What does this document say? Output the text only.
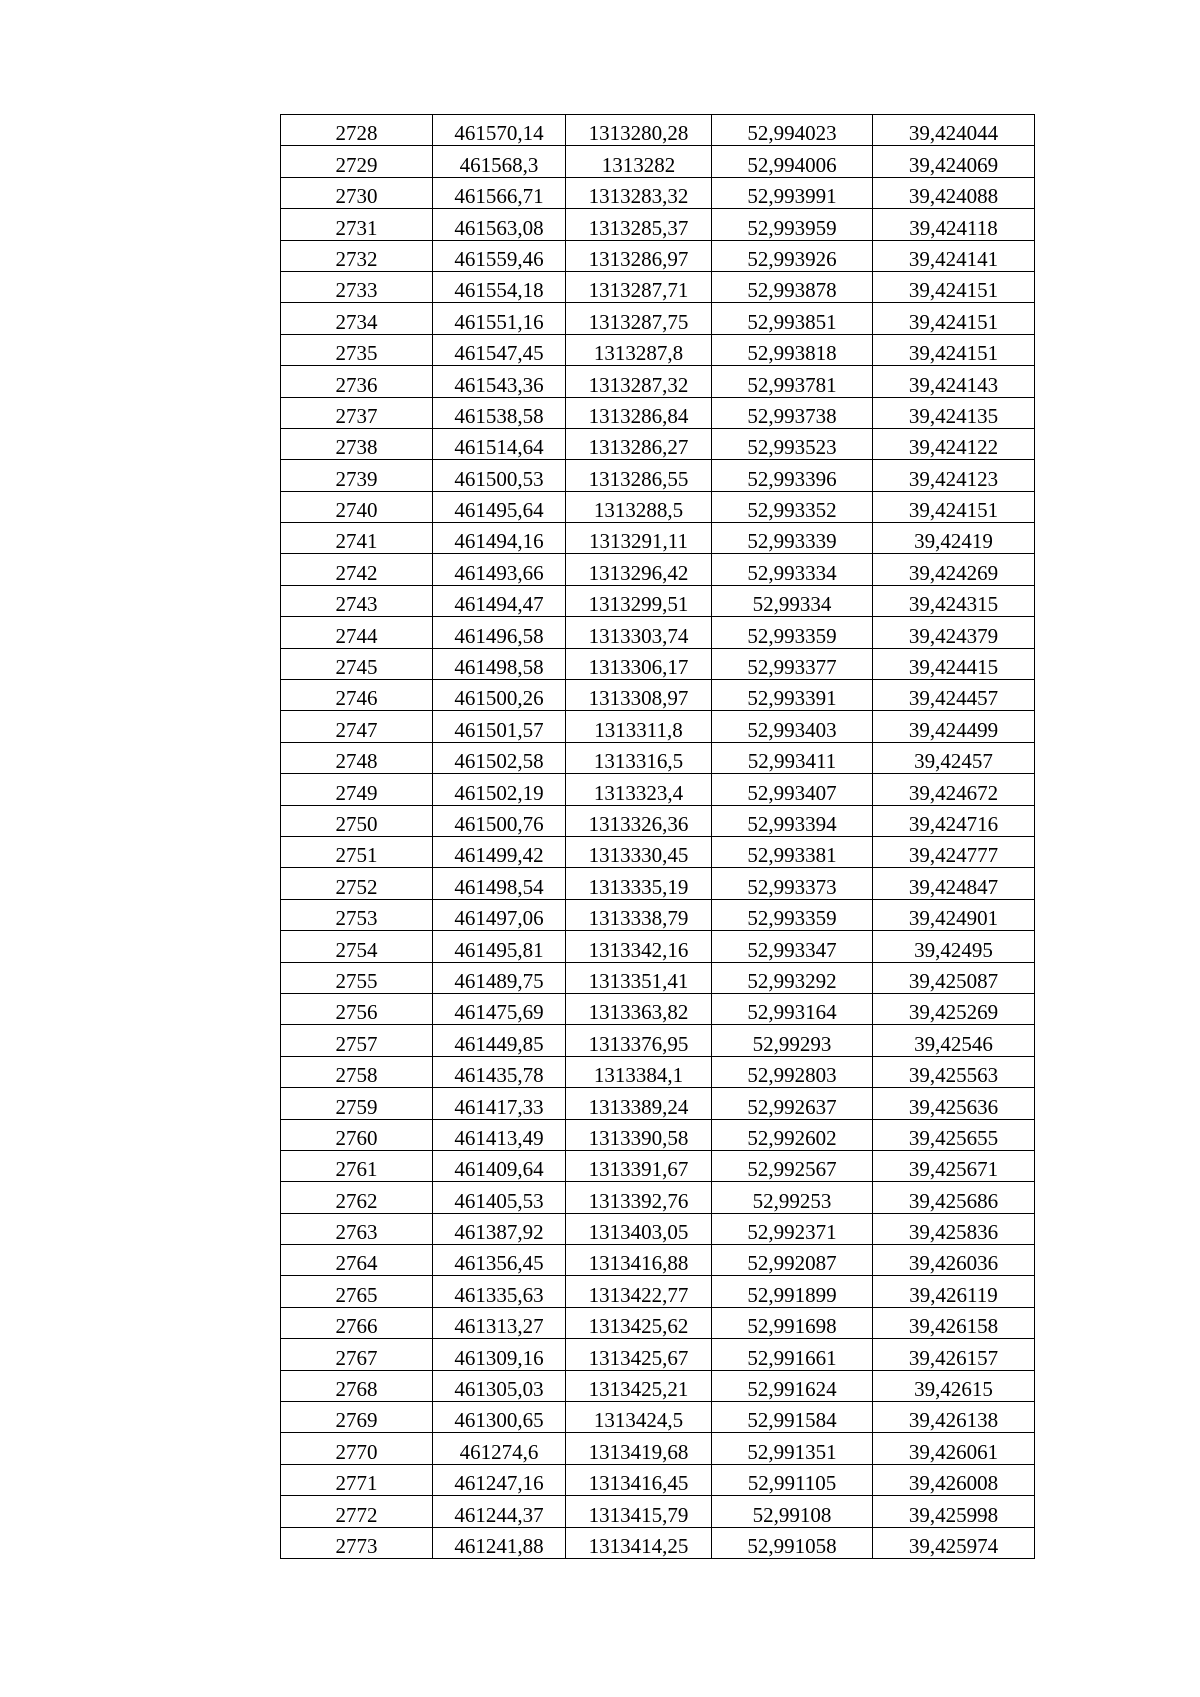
2728	461570,14	1313280,28	52,994023	39,424044
2729	461568,3	1313282	52,994006	39,424069
2730	461566,71	1313283,32	52,993991	39,424088
2731	461563,08	1313285,37	52,993959	39,424118
2732	461559,46	1313286,97	52,993926	39,424141
2733	461554,18	1313287,71	52,993878	39,424151
2734	461551,16	1313287,75	52,993851	39,424151
2735	461547,45	1313287,8	52,993818	39,424151
2736	461543,36	1313287,32	52,993781	39,424143
2737	461538,58	1313286,84	52,993738	39,424135
2738	461514,64	1313286,27	52,993523	39,424122
2739	461500,53	1313286,55	52,993396	39,424123
2740	461495,64	1313288,5	52,993352	39,424151
2741	461494,16	1313291,11	52,993339	39,42419
2742	461493,66	1313296,42	52,993334	39,424269
2743	461494,47	1313299,51	52,99334	39,424315
2744	461496,58	1313303,74	52,993359	39,424379
2745	461498,58	1313306,17	52,993377	39,424415
2746	461500,26	1313308,97	52,993391	39,424457
2747	461501,57	1313311,8	52,993403	39,424499
2748	461502,58	1313316,5	52,993411	39,42457
2749	461502,19	1313323,4	52,993407	39,424672
2750	461500,76	1313326,36	52,993394	39,424716
2751	461499,42	1313330,45	52,993381	39,424777
2752	461498,54	1313335,19	52,993373	39,424847
2753	461497,06	1313338,79	52,993359	39,424901
2754	461495,81	1313342,16	52,993347	39,42495
2755	461489,75	1313351,41	52,993292	39,425087
2756	461475,69	1313363,82	52,993164	39,425269
2757	461449,85	1313376,95	52,99293	39,42546
2758	461435,78	1313384,1	52,992803	39,425563
2759	461417,33	1313389,24	52,992637	39,425636
2760	461413,49	1313390,58	52,992602	39,425655
2761	461409,64	1313391,67	52,992567	39,425671
2762	461405,53	1313392,76	52,99253	39,425686
2763	461387,92	1313403,05	52,992371	39,425836
2764	461356,45	1313416,88	52,992087	39,426036
2765	461335,63	1313422,77	52,991899	39,426119
2766	461313,27	1313425,62	52,991698	39,426158
2767	461309,16	1313425,67	52,991661	39,426157
2768	461305,03	1313425,21	52,991624	39,42615
2769	461300,65	1313424,5	52,991584	39,426138
2770	461274,6	1313419,68	52,991351	39,426061
2771	461247,16	1313416,45	52,991105	39,426008
2772	461244,37	1313415,79	52,99108	39,425998
2773	461241,88	1313414,25	52,991058	39,425974
